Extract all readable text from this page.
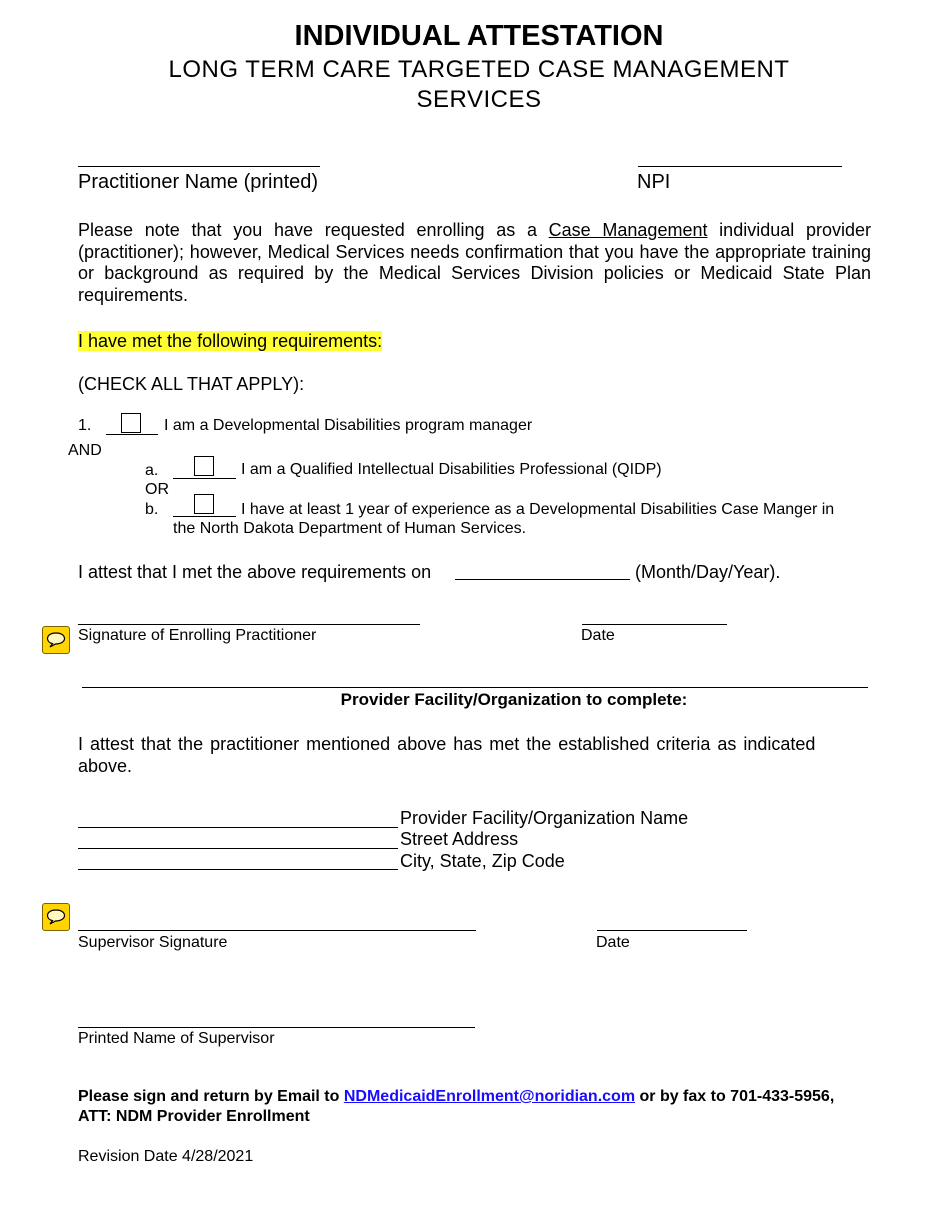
INDIVIDUAL ATTESTATION
LONG TERM CARE TARGETED CASE MANAGEMENT
SERVICES
Practitioner Name (printed)	NPI
Please note that you have requested enrolling as a Case Management individual provider (practitioner); however, Medical Services needs confirmation that you have the appropriate training or background as required by the Medical Services Division policies or Medicaid State Plan requirements.
I have met the following requirements:
(CHECK ALL THAT APPLY):
1.	I am a Developmental Disabilities program manager
AND
a.	I am a Qualified Intellectual Disabilities Professional (QIDP)
OR
b.	I have at least 1 year of experience as a Developmental Disabilities Case Manger in
the North Dakota Department of Human Services.
I attest that I met the above requirements on	(Month/Day/Year).
Signature of Enrolling Practitioner	Date
Provider Facility/Organization to complete:
I attest that the practitioner mentioned above has met the established criteria as indicated above.
Provider Facility/Organization Name
Street Address
City, State, Zip Code
Supervisor Signature	Date
Printed Name of Supervisor
Please sign and return by Email to NDMedicaidEnrollment@noridian.com or by fax to 701-433-5956,
ATT: NDM Provider Enrollment
Revision Date 4/28/2021
